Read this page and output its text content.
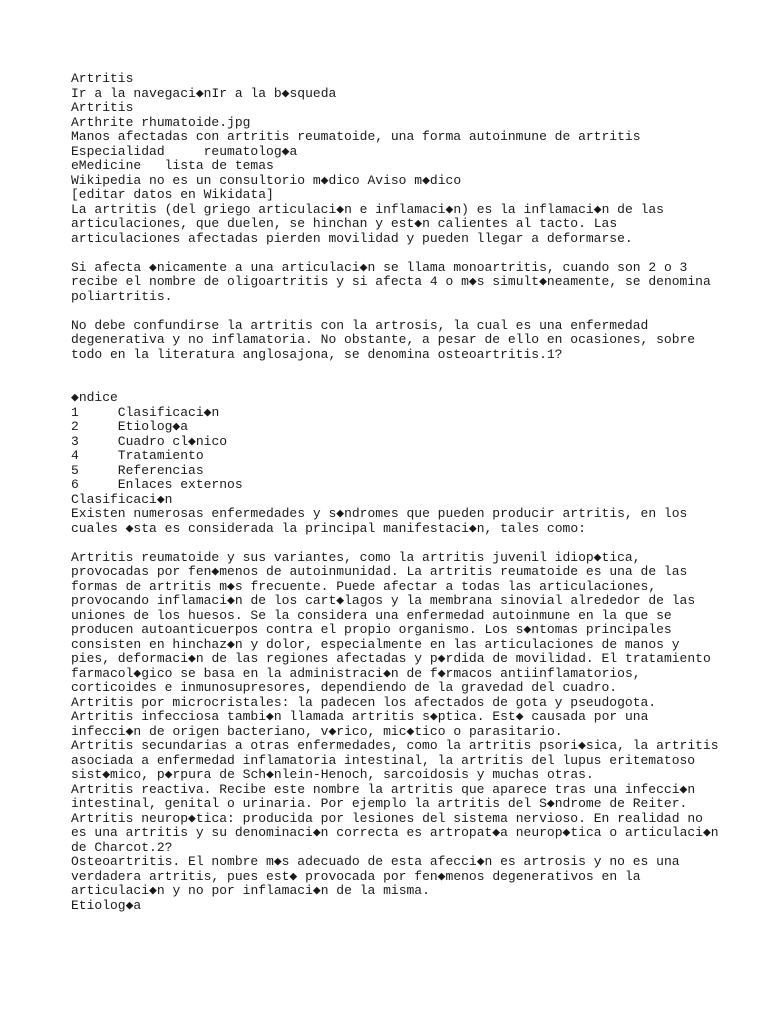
Artritis
Ir a la navegaci◆nIr a la b◆squeda
Artritis
Arthrite rhumatoide.jpg
Manos afectadas con artritis reumatoide, una forma autoinmune de artritis
Especialidad     reumatolog◆a
eMedicine   lista de temas
Wikipedia no es un consultorio m◆dico Aviso m◆dico
[editar datos en Wikidata]
La artritis (del griego articulaci◆n e inflamaci◆n) es la inflamaci◆n de las
articulaciones, que duelen, se hinchan y est◆n calientes al tacto. Las
articulaciones afectadas pierden movilidad y pueden llegar a deformarse.
Si afecta ◆nicamente a una articulaci◆n se llama monoartritis, cuando son 2 o 3
recibe el nombre de oligoartritis y si afecta 4 o m◆s simult◆neamente, se denomina
poliartritis.
No debe confundirse la artritis con la artrosis, la cual es una enfermedad
degenerativa y no inflamatoria. No obstante, a pesar de ello en ocasiones, sobre
todo en la literatura anglosajona, se denomina osteoartritis.1?
◆ndice
1     Clasificaci◆n
2     Etiolog◆a
3     Cuadro cl◆nico
4     Tratamiento
5     Referencias
6     Enlaces externos
Clasificaci◆n
Existen numerosas enfermedades y s◆ndromes que pueden producir artritis, en los
cuales ◆sta es considerada la principal manifestaci◆n, tales como:
Artritis reumatoide y sus variantes, como la artritis juvenil idiop◆tica,
provocadas por fen◆menos de autoinmunidad. La artritis reumatoide es una de las
formas de artritis m◆s frecuente. Puede afectar a todas las articulaciones,
provocando inflamaci◆n de los cart◆lagos y la membrana sinovial alrededor de las
uniones de los huesos. Se la considera una enfermedad autoinmune en la que se
producen autoanticuerpos contra el propio organismo. Los s◆ntomas principales
consisten en hinchaz◆n y dolor, especialmente en las articulaciones de manos y
pies, deformaci◆n de las regiones afectadas y p◆rdida de movilidad. El tratamiento
farmacol◆gico se basa en la administraci◆n de f◆rmacos antiinflamatorios,
corticoides e inmunosupresores, dependiendo de la gravedad del cuadro.
Artritis por microcristales: la padecen los afectados de gota y pseudogota.
Artritis infecciosa tambi◆n llamada artritis s◆ptica. Est◆ causada por una
infecci◆n de origen bacteriano, v◆rico, mic◆tico o parasitario.
Artritis secundarias a otras enfermedades, como la artritis psori◆sica, la artritis
asociada a enfermedad inflamatoria intestinal, la artritis del lupus eritematoso
sist◆mico, p◆rpura de Sch◆nlein-Henoch, sarcoidosis y muchas otras.
Artritis reactiva. Recibe este nombre la artritis que aparece tras una infecci◆n
intestinal, genital o urinaria. Por ejemplo la artritis del S◆ndrome de Reiter.
Artritis neurop◆tica: producida por lesiones del sistema nervioso. En realidad no
es una artritis y su denominaci◆n correcta es artropat◆a neurop◆tica o articulaci◆n
de Charcot.2?
Osteoartritis. El nombre m◆s adecuado de esta afecci◆n es artrosis y no es una
verdadera artritis, pues est◆ provocada por fen◆menos degenerativos en la
articulaci◆n y no por inflamaci◆n de la misma.
Etiolog◆a
